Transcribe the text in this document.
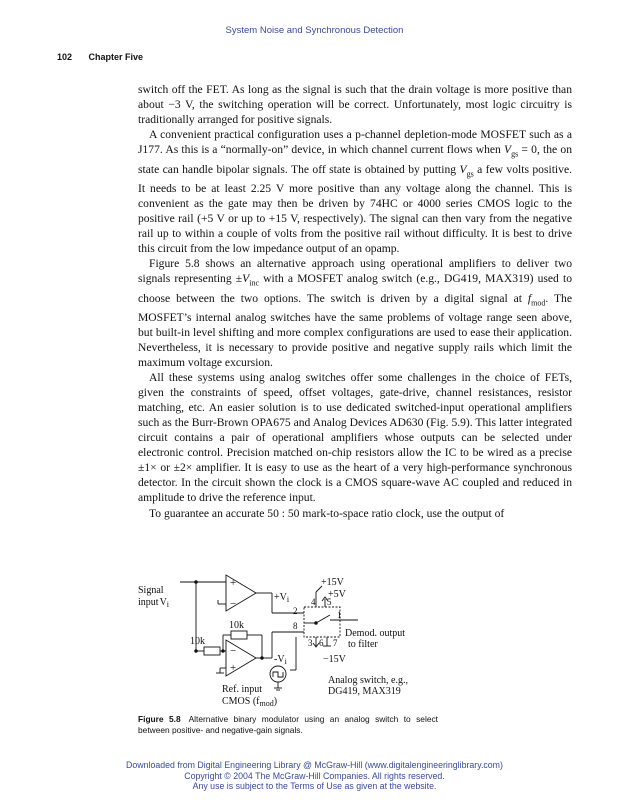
System Noise and Synchronous Detection
102 Chapter Five

switch off the FET. As long as the signal is such that the drain voltage is more positive than about −3 V, the switching operation will be correct. Unfortunately, most logic circuitry is traditionally arranged for positive signals.

A convenient practical configuration uses a p-channel depletion-mode MOSFET such as a J177. As this is a “normally-on” device, in which channel current flows when $V_{gs} = 0$, the on state can handle bipolar signals. The off state is obtained by putting $V_{gs}$ a few volts positive. It needs to be at least 2.25 V more positive than any voltage along the channel. This is convenient as the gate may then be driven by 74HC or 4000 series CMOS logic to the positive rail (+5 V or up to +15 V, respectively). The signal can then vary from the negative rail up to within a couple of volts from the positive rail without difficulty. It is best to drive this circuit from the low impedance output of an opamp.

Figure 5.8 shows an alternative approach using operational amplifiers to deliver two signals representing $\pm V_{inc}$ with a MOSFET analog switch (e.g., DG419, MAX319) used to choose between the two options. The switch is driven by a digital signal at $f_{mod}$. The MOSFET’s internal analog switches have the same problems of voltage range seen above, but built-in level shifting and more complex configurations are used to ease their application. Nevertheless, it is necessary to provide positive and negative supply rails which limit the maximum voltage excursion.

All these systems using analog switches offer some challenges in the choice of FETs, given the constraints of speed, offset voltages, gate-drive, channel resistances, resistor matching, etc. An easier solution is to use dedicated switched-input operational amplifiers such as the Burr-Brown OPA675 and Analog Devices AD630 (Fig. 5.9). This latter integrated circuit contains a pair of operational amplifiers whose outputs can be selected under electronic control. Precision matched on-chip resistors allow the IC to be wired as a precise ±1× or ±2× amplifier. It is easy to use as the heart of a very high-performance synchronous detector. In the circuit shown the clock is a CMOS square-wave AC coupled and reduced in amplitude to drive the reference input.

To guarantee an accurate 50 : 50 mark-to-space ratio clock, use the output of

+
−
−
+
Signal
inputV$_i$
$+V_i$
$-V_i$
10k
10k
+15V
+5V
−15V
2
8
3
4 5
6 7
1
Demod. output
to filter
Ref. input
CMOS $(f_{mod})$
Analog switch, e.g.,
DG419, MAX319
Figure 5.8 Alternative binary modulator using an analog switch to select between positive- and negative-gain signals.
Downloaded from Digital Engineering Library @ McGraw-Hill (www.digitalengineeringlibrary.com)
Copyright © 2004 The McGraw-Hill Companies. All rights reserved.
Any use is subject to the Terms of Use as given at the website.
